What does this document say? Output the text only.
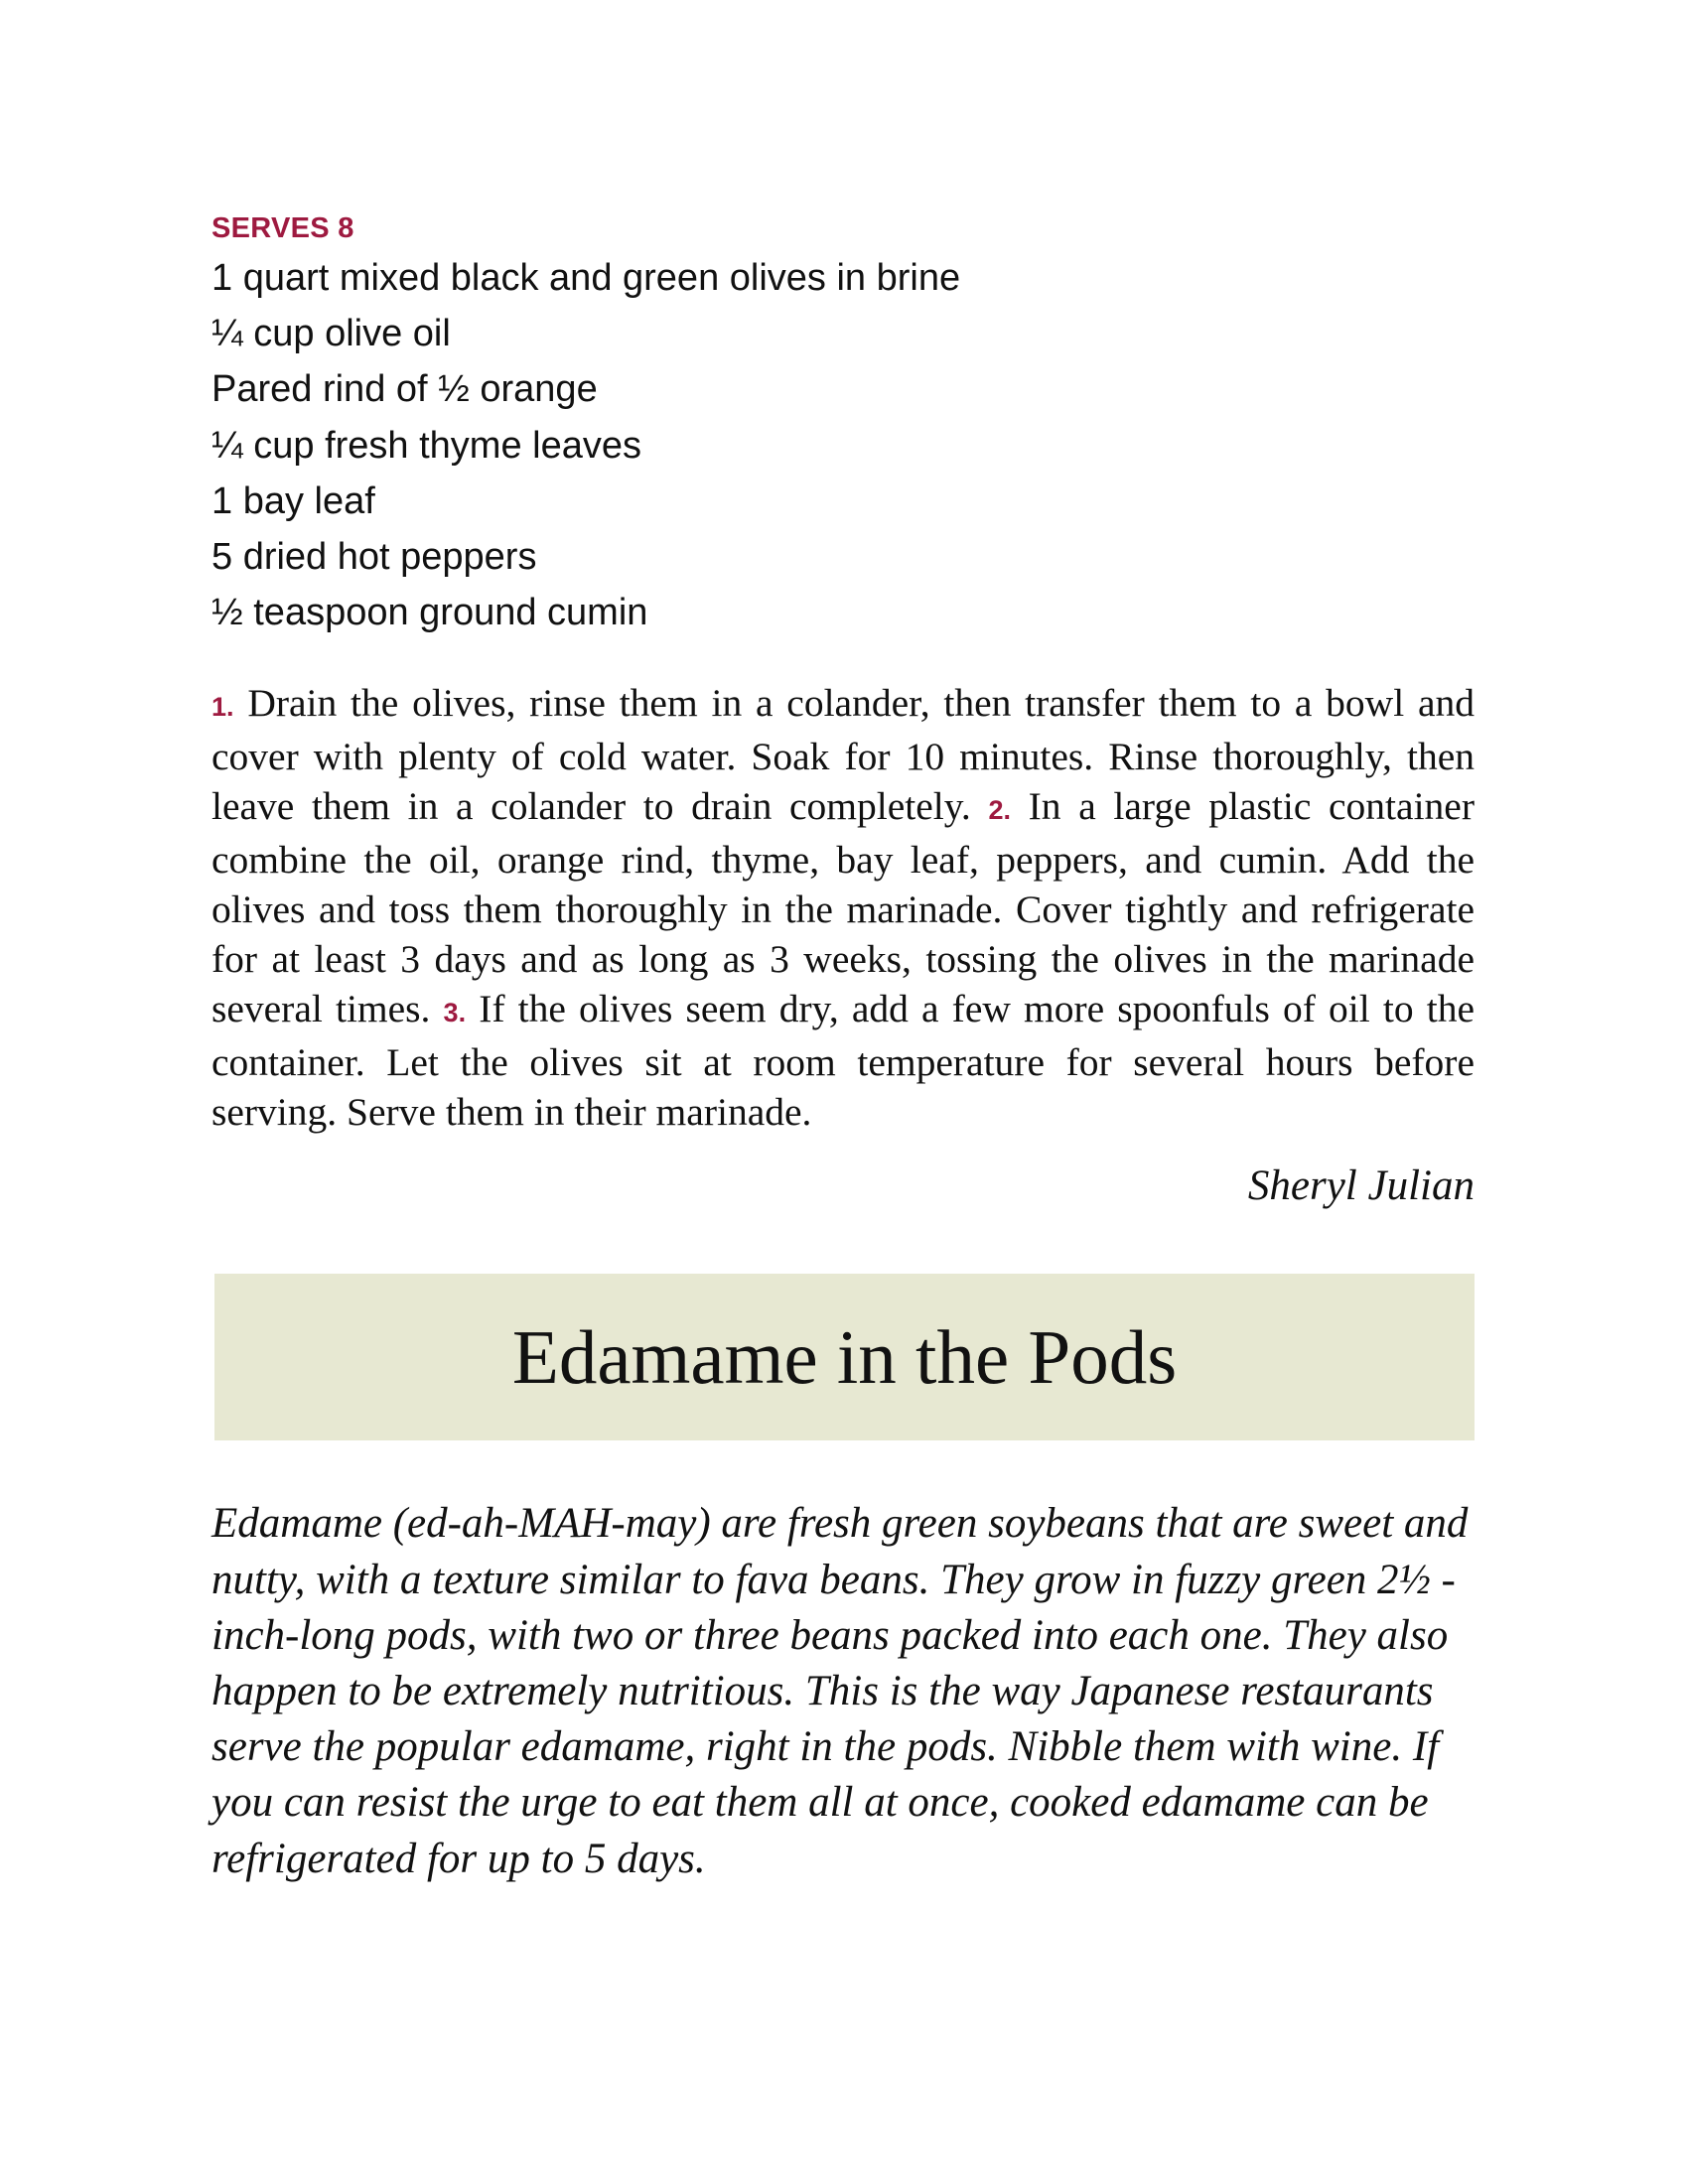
SERVES 8
1 quart mixed black and green olives in brine
¼ cup olive oil
Pared rind of ½ orange
¼ cup fresh thyme leaves
1 bay leaf
5 dried hot peppers
½ teaspoon ground cumin

1. Drain the olives, rinse them in a colander, then transfer them to a bowl and cover with plenty of cold water. Soak for 10 minutes. Rinse thoroughly, then leave them in a colander to drain completely. 2. In a large plastic container combine the oil, orange rind, thyme, bay leaf, peppers, and cumin. Add the olives and toss them thoroughly in the marinade. Cover tightly and refrigerate for at least 3 days and as long as 3 weeks, tossing the olives in the marinade several times. 3. If the olives seem dry, add a few more spoonfuls of oil to the container. Let the olives sit at room temperature for several hours before serving. Serve them in their marinade.

Sheryl Julian
Edamame in the Pods

Edamame (ed-ah-MAH-may) are fresh green soybeans that are sweet and nutty, with a texture similar to fava beans. They grow in fuzzy green 2½ -inch-long pods, with two or three beans packed into each one. They also happen to be extremely nutritious. This is the way Japanese restaurants serve the popular edamame, right in the pods. Nibble them with wine. If you can resist the urge to eat them all at once, cooked edamame can be refrigerated for up to 5 days.
